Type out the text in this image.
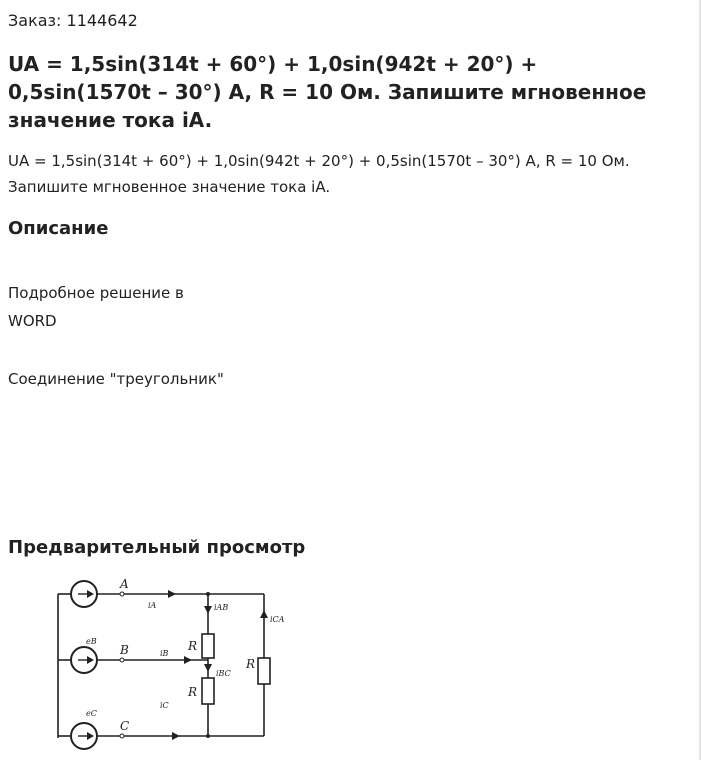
Заказ: 1144642
UA = 1,5sin(314t + 60°) + 1,0sin(942t + 20°) + 0,5sin(1570t – 30°) A, R = 10 Ом. Запишите мгновенное значение тока iA.

UA = 1,5sin(314t + 60°) + 1,0sin(942t + 20°) + 0,5sin(1570t – 30°) A, R = 10 Ом. Запишите мгновенное значение тока iA.

Описание

Подробное решение в

WORD

Соединение "треугольник"

Предварительный просмотр
A
B
C
eB
eC
iA
iB
iC
iAB
iBC
iCA
R
R
R
